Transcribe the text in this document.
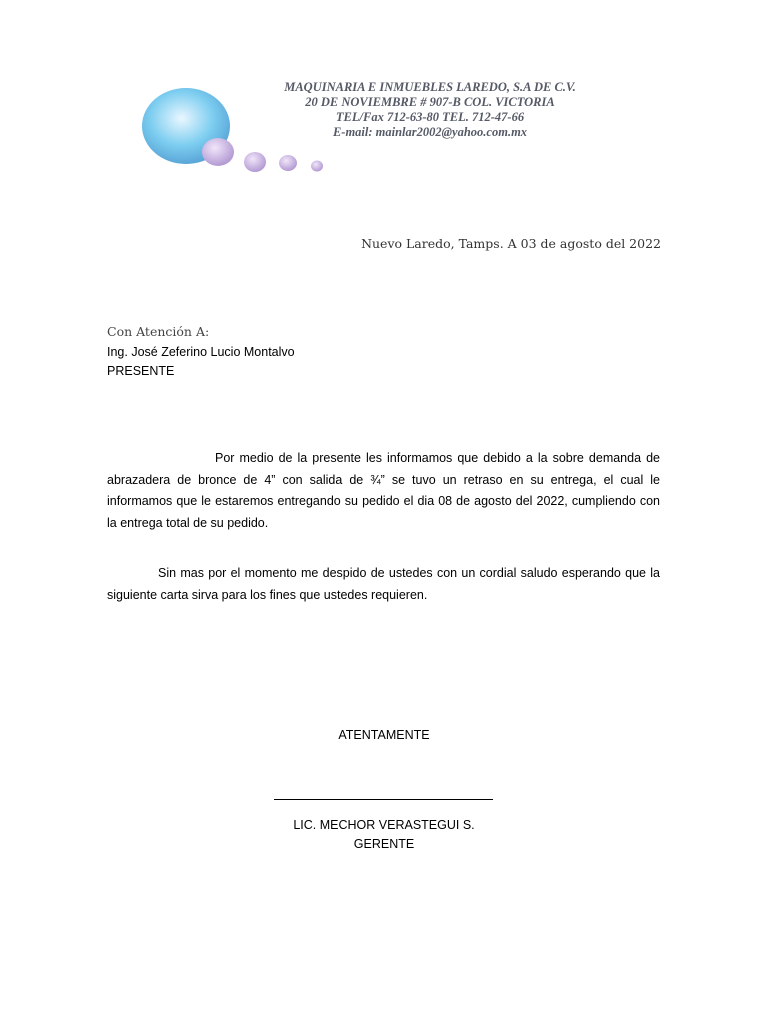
MAQUINARIA E INMUEBLES LAREDO, S.A DE C.V.
20 DE NOVIEMBRE # 907-B COL. VICTORIA
TEL/Fax 712-63-80 TEL. 712-47-66
E-mail: mainlar2002@yahoo.com.mx
Nuevo Laredo, Tamps. A 03 de agosto del 2022
Con Atención A:
Ing. José Zeferino Lucio Montalvo
PRESENTE
Por medio de la presente les informamos que debido a la sobre demanda de abrazadera de bronce de 4” con salida de ¾” se tuvo un retraso en su entrega, el cual le informamos que le estaremos entregando su pedido el dia 08 de agosto del 2022, cumpliendo con la entrega total de su pedido.
Sin mas por el momento me despido de ustedes con un cordial saludo esperando que la siguiente carta sirva para los fines que ustedes requieren.
ATENTAMENTE
LIC. MECHOR VERASTEGUI S.
GERENTE
